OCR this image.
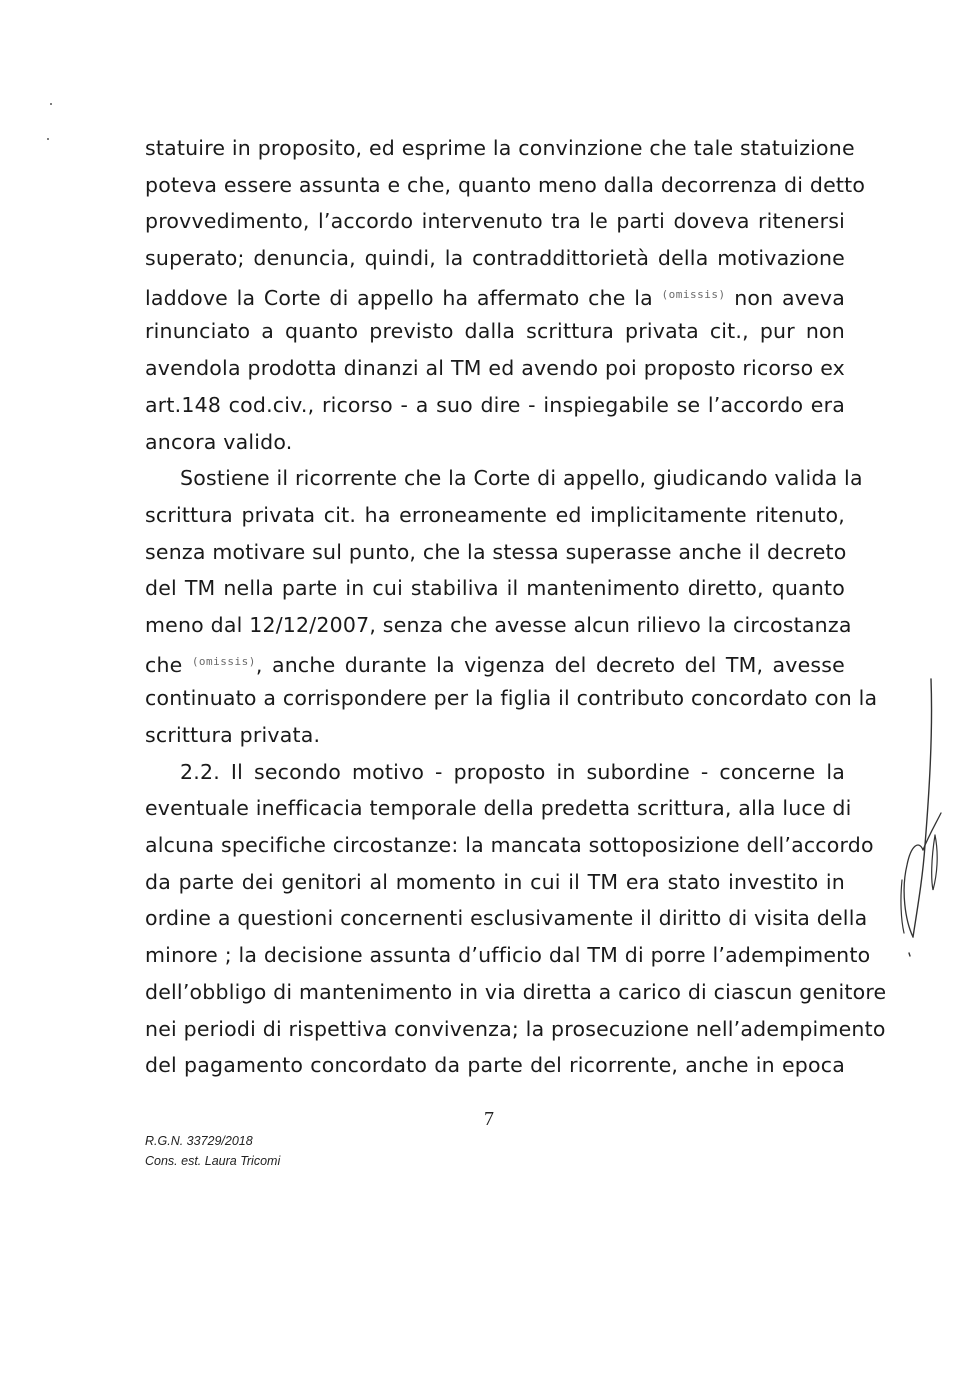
statuire in proposito, ed esprime la convinzione che tale statuizione
poteva essere assunta e che, quanto meno dalla decorrenza di detto
provvedimento, l’accordo intervenuto tra le parti doveva ritenersi
superato; denuncia, quindi, la contraddittorietà della motivazione
laddove la Corte di appello ha affermato che la $^{(omissis)}$ non aveva
rinunciato a quanto previsto dalla scrittura privata cit., pur non
avendola prodotta dinanzi al TM ed avendo poi proposto ricorso ex
art.148 cod.civ., ricorso - a suo dire - inspiegabile se l’accordo era
ancora valido.
Sostiene il ricorrente che la Corte di appello, giudicando valida la
scrittura privata cit. ha erroneamente ed implicitamente ritenuto,
senza motivare sul punto, che la stessa superasse anche il decreto
del TM nella parte in cui stabiliva il mantenimento diretto, quanto
meno dal 12/12/2007, senza che avesse alcun rilievo la circostanza
che $^{(omissis)}$, anche durante la vigenza del decreto del TM, avesse
continuato a corrispondere per la figlia il contributo concordato con la
scrittura privata.
2.2. Il secondo motivo - proposto in subordine - concerne la
eventuale inefficacia temporale della predetta scrittura, alla luce di
alcuna specifiche circostanze: la mancata sottoposizione dell’accordo
da parte dei genitori al momento in cui il TM era stato investito in
ordine a questioni concernenti esclusivamente il diritto di visita della
minore ; la decisione assunta d’ufficio dal TM di porre l’adempimento
dell’obbligo di mantenimento in via diretta a carico di ciascun genitore
nei periodi di rispettiva convivenza; la prosecuzione nell’adempimento
del pagamento concordato da parte del ricorrente, anche in epoca
7
R.G.N. 33729/2018
Cons. est. Laura Tricomi
